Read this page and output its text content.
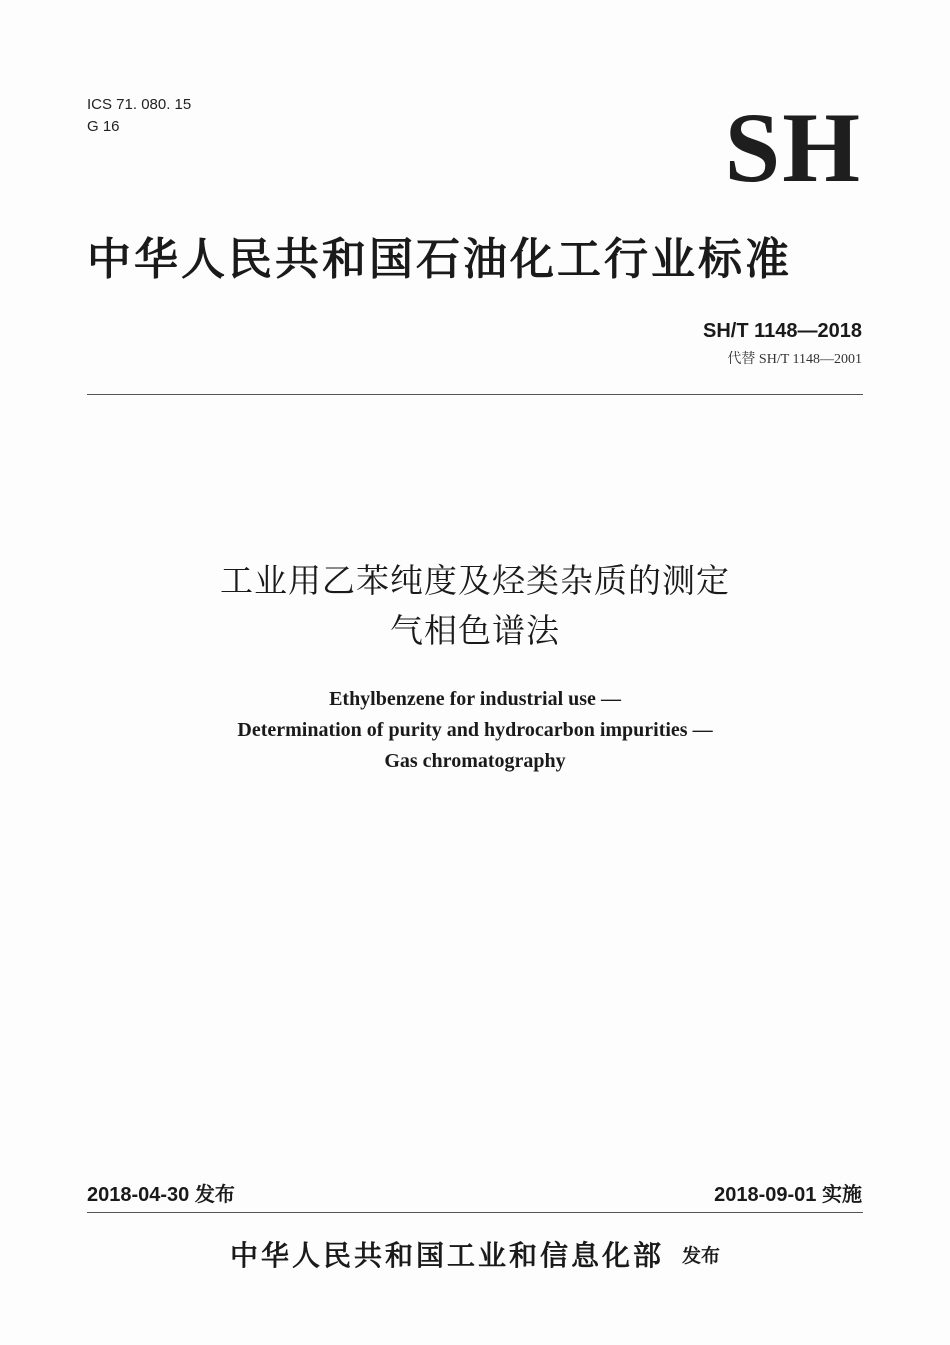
ICS 71. 080. 15
G 16	SH
中华人民共和国石油化工行业标准
SH/T 1148—2018
代替 SH/T 1148—2001
工业用乙苯纯度及烃类杂质的测定
气相色谱法
Ethylbenzene for industrial use —
Determination of purity and hydrocarbon impurities —
Gas chromatography
2018-04-30 发布	2018-09-01 实施
中华人民共和国工业和信息化部 发布
